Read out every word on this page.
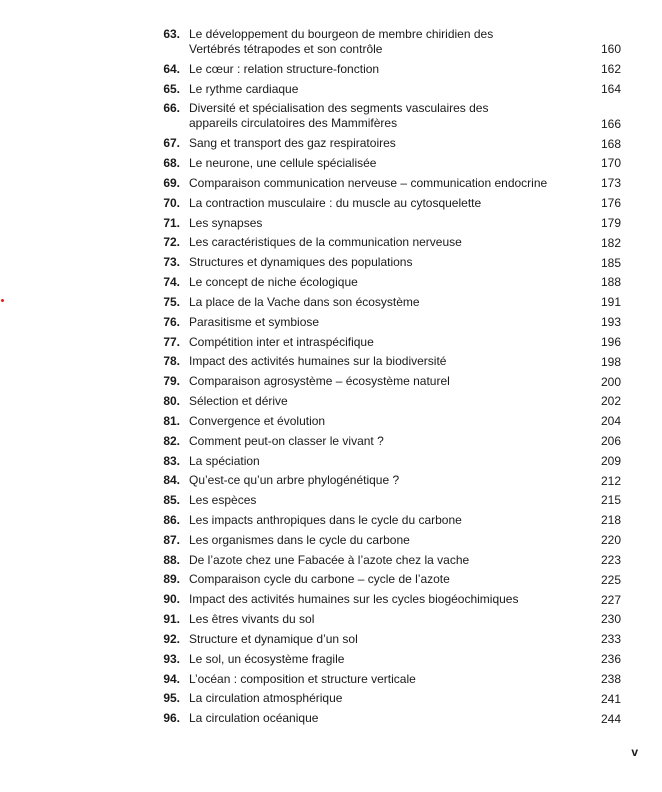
63. Le développement du bourgeon de membre chiridien des
Vertébrés tétrapodes et son contrôle	160
64. Le cœur : relation structure-fonction	162
65. Le rythme cardiaque	164
66. Diversité et spécialisation des segments vasculaires des
appareils circulatoires des Mammifères	166
67. Sang et transport des gaz respiratoires	168
68. Le neurone, une cellule spécialisée	170
69. Comparaison communication nerveuse – communication endocrine	173
70. La contraction musculaire : du muscle au cytosquelette	176
71. Les synapses	179
72. Les caractéristiques de la communication nerveuse	182
73. Structures et dynamiques des populations	185
74. Le concept de niche écologique	188
75. La place de la Vache dans son écosystème	191
76. Parasitisme et symbiose	193
77. Compétition inter et intraspécifique	196
78. Impact des activités humaines sur la biodiversité	198
79. Comparaison agrosystème – écosystème naturel	200
80. Sélection et dérive	202
81. Convergence et évolution	204
82. Comment peut-on classer le vivant ?	206
83. La spéciation	209
84. Qu’est-ce qu’un arbre phylogénétique ?	212
85. Les espèces	215
86. Les impacts anthropiques dans le cycle du carbone	218
87. Les organismes dans le cycle du carbone	220
88. De l’azote chez une Fabacée à l’azote chez la vache	223
89. Comparaison cycle du carbone – cycle de l’azote	225
90. Impact des activités humaines sur les cycles biogéochimiques	227
91. Les êtres vivants du sol	230
92. Structure et dynamique d’un sol	233
93. Le sol, un écosystème fragile	236
94. L’océan : composition et structure verticale	238
95. La circulation atmosphérique	241
96. La circulation océanique	244
v
